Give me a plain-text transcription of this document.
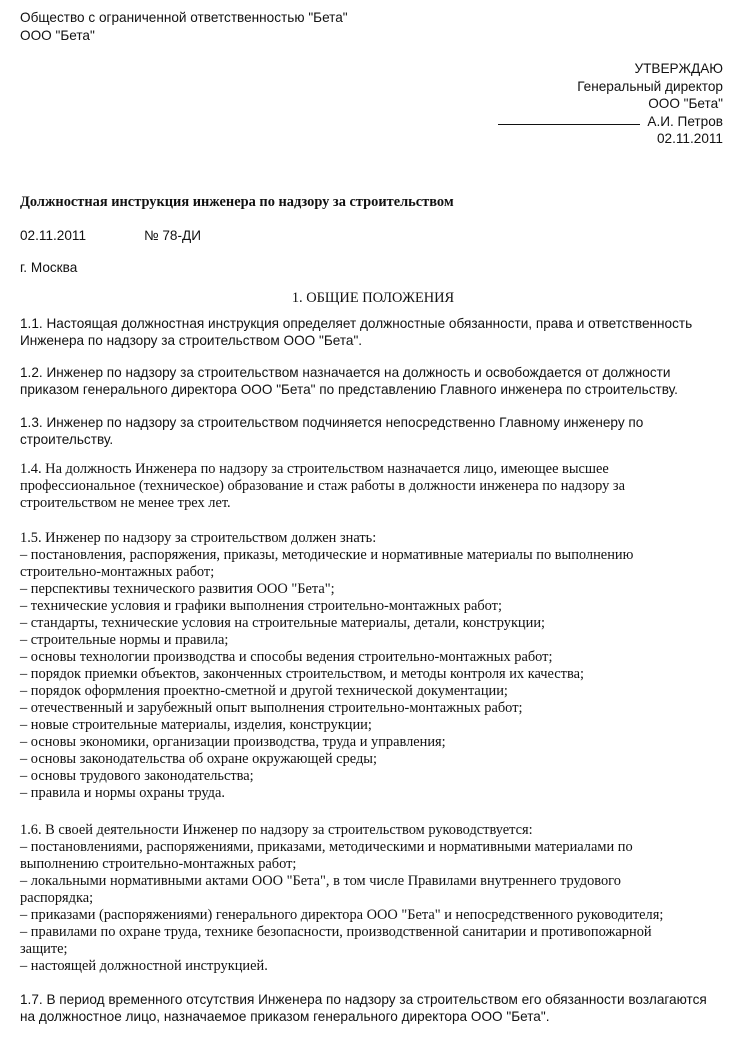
Общество с ограниченной ответственностью "Бета"
ООО "Бета"
УТВЕРЖДАЮ
Генеральный директор
ООО "Бета"
А.И. Петров
02.11.2011
Должностная инструкция инженера по надзору за строительством
02.11.2011	№ 78-ДИ
г. Москва
1. ОБЩИЕ ПОЛОЖЕНИЯ
1.1. Настоящая должностная инструкция определяет должностные обязанности, права и ответственность
Инженера по надзору за строительством ООО "Бета".
1.2. Инженер по надзору за строительством назначается на должность и освобождается от должности
приказом генерального директора ООО "Бета" по представлению Главного инженера по строительству.
1.3. Инженер по надзору за строительством подчиняется непосредственно Главному инженеру по
строительству.
1.4. На должность Инженера по надзору за строительством назначается лицо, имеющее высшее
профессиональное (техническое) образование и стаж работы в должности инженера по надзору за
строительством не менее трех лет.
1.5. Инженер по надзору за строительством должен знать:
– постановления, распоряжения, приказы, методические и нормативные материалы по выполнению
строительно-монтажных работ;
– перспективы технического развития ООО "Бета";
– технические условия и графики выполнения строительно-монтажных работ;
– стандарты, технические условия на строительные материалы, детали, конструкции;
– строительные нормы и правила;
– основы технологии производства и способы ведения строительно-монтажных работ;
– порядок приемки объектов, законченных строительством, и методы контроля их качества;
– порядок оформления проектно-сметной и другой технической документации;
– отечественный и зарубежный опыт выполнения строительно-монтажных работ;
– новые строительные материалы, изделия, конструкции;
– основы экономики, организации производства, труда и управления;
– основы законодательства об охране окружающей среды;
– основы трудового законодательства;
– правила и нормы охраны труда.
1.6. В своей деятельности Инженер по надзору за строительством руководствуется:
– постановлениями, распоряжениями, приказами, методическими и нормативными материалами по
выполнению строительно-монтажных работ;
– локальными нормативными актами ООО "Бета", в том числе Правилами внутреннего трудового
распорядка;
– приказами (распоряжениями) генерального директора ООО "Бета" и непосредственного руководителя;
– правилами по охране труда, технике безопасности, производственной санитарии и противопожарной
защите;
– настоящей должностной инструкцией.
1.7. В период временного отсутствия Инженера по надзору за строительством его обязанности возлагаются
на должностное лицо, назначаемое приказом генерального директора ООО "Бета".
